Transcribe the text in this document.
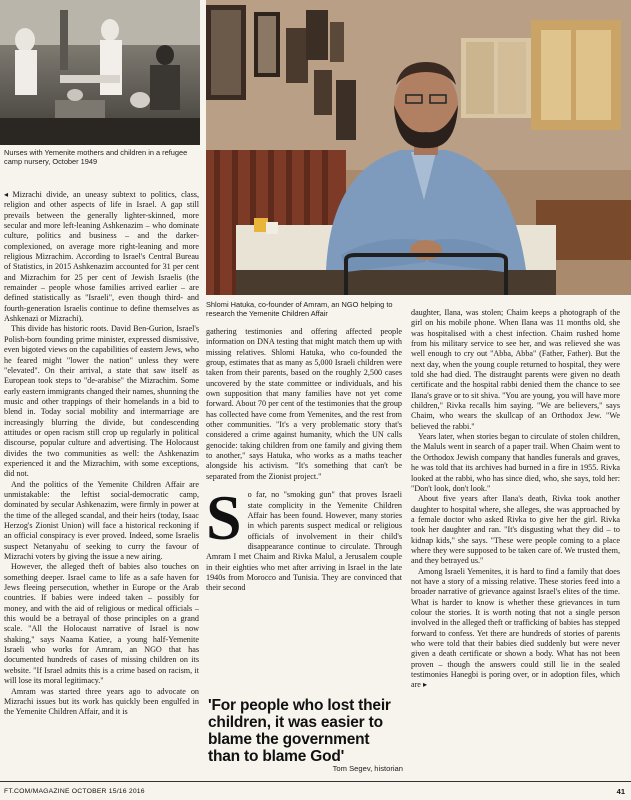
Nurses with Yemenite mothers and children in a refugee camp nursery, October 1949

◂ Mizrachi divide, an uneasy subtext to politics, class, religion and other aspects of life in Israel. A gap still prevails between the generally lighter-skinned, more secular and more left-leaning Ashkenazim – who dominate culture, politics and business – and the darker-complexioned, on average more right-leaning and more religious Mizrachim. According to Israel's Central Bureau of Statistics, in 2015 Ashkenazim accounted for 31 per cent and Mizrachim for 25 per cent of Jewish Israelis (the remainder – people whose families arrived earlier – are defined statistically as "Israeli", even though third- and fourth-generation Israelis continue to define themselves as Ashkenazi or Mizrachi).

This divide has historic roots. David Ben-Gurion, Israel's Polish-born founding prime minister, expressed dismissive, even bigoted views on the capabilities of eastern Jews, who he feared might "lower the nation" unless they were "elevated". On their arrival, a state that saw itself as European took steps to "de-arabise" the Mizrachim. Some early eastern immigrants changed their names, shunning the music and other trappings of their homelands in a bid to blend in. Today social mobility and intermarriage are increasingly blurring the divide, but condescending attitudes or open racism still crop up regularly in political discourse, popular culture and advertising. The Holocaust divides the two communities as well: the Ashkenazim experienced it and the Mizrachim, with some exceptions, did not.

And the politics of the Yemenite Children Affair are unmistakable: the leftist social-democratic camp, dominated by secular Ashkenazim, were firmly in power at the time of the alleged scandal, and their heirs (today, Isaac Herzog's Zionist Union) will face a historical reckoning if an official conspiracy is ever proved. Indeed, some Israelis suspect Netanyahu of seeking to curry the favour of Mizrachi voters by giving the issue a new airing.

However, the alleged theft of babies also touches on something deeper. Israel came to life as a safe haven for Jews fleeing persecution, whether in Europe or the Arab countries. If babies were indeed taken – possibly for money, and with the aid of religious or medical officials – this would be a betrayal of those principles on a grand scale. "All the Holocaust narrative of Israel is now shaking," says Naama Katiee, a young half-Yemenite Israeli who works for Amram, an NGO that has documented hundreds of cases of missing children on its website. "If Israel admits this is a crime based on racism, it will lose its moral legitimacy."

Amram was started three years ago to advocate on Mizrachi issues but its work has quickly been engulfed in the Yemenite Children Affair, and it is

Shlomi Hatuka, co-founder of Amram, an NGO helping to research the Yemenite Children Affair

gathering testimonies and offering affected people information on DNA testing that might match them up with missing relatives. Shlomi Hatuka, who co-founded the group, estimates that as many as 5,000 Israeli children were taken from their parents, based on the roughly 2,500 cases uncovered by the state committee or individuals, and his own supposition that many families have not yet come forward. About 70 per cent of the testimonies that the group has collected have come from Yemenites, and the rest from other communities. "It's a very problematic story that's considered a crime against humanity, which the UN calls genocide: taking children from one family and giving them to another," says Hatuka, who works as a maths teacher alongside his activism. "It's something that can't be separated from the Zionist project."

So far, no "smoking gun" that proves Israeli state complicity in the Yemenite Children Affair has been found. However, many stories in which parents suspect medical or religious officials of involvement in their child's disappearance continue to circulate. Through Amram I met Chaim and Rivka Malul, a Jerusalem couple in their eighties who met after arriving in Israel in the late 1940s from Morocco and Tunisia. They are convinced that their second

'For people who lost their children, it was easier to blame the government than to blame God'
Tom Segev, historian

daughter, Ilana, was stolen; Chaim keeps a photograph of the girl on his mobile phone. When Ilana was 11 months old, she was hospitalised with a chest infection. Chaim rushed home from his military service to see her, and was relieved she was well enough to cry out "Abba, Abba" (Father, Father). But the next day, when the young couple returned to hospital, they were told she had died. The distraught parents were given no death certificate and the hospital rabbi denied them the chance to see Ilana's grave or to sit shiva. "You are young, you will have more children," Rivka recalls him saying. "We are believers," says Chaim, who wears the skullcap of an Orthodox Jew. "We believed the rabbi."

Years later, when stories began to circulate of stolen children, the Maluls went in search of a paper trail. When Chaim went to the Orthodox Jewish company that handles funerals and graves, he was told that its archives had burned in a fire in 1955. Rivka looked at the rabbi, who has since died, who, she says, told her: "Don't look, don't look."

About five years after Ilana's death, Rivka took another daughter to hospital where, she alleges, she was approached by a female doctor who asked Rivka to give her the girl. Rivka took her daughter and ran. "It's disgusting what they did – to kidnap kids," she says. "These were people coming to a place where they were supposed to be taken care of. We trusted them, and they betrayed us."

Among Israeli Yemenites, it is hard to find a family that does not have a story of a missing relative. These stories feed into a broader narrative of grievance against Israel's elites of the time. What is harder to know is whether these grievances in turn colour the stories. It is worth noting that not a single person involved in the alleged theft or trafficking of babies has stepped forward to confess. Yet there are hundreds of stories of parents who were told that their babies died suddenly but were never given a death certificate or shown a body. What has not been proven – though the answers could still lie in the sealed testimonies Hanegbi is poring over, or in adoption files, which are ▸

FT.COM/MAGAZINE OCTOBER 15/16 2016	41
